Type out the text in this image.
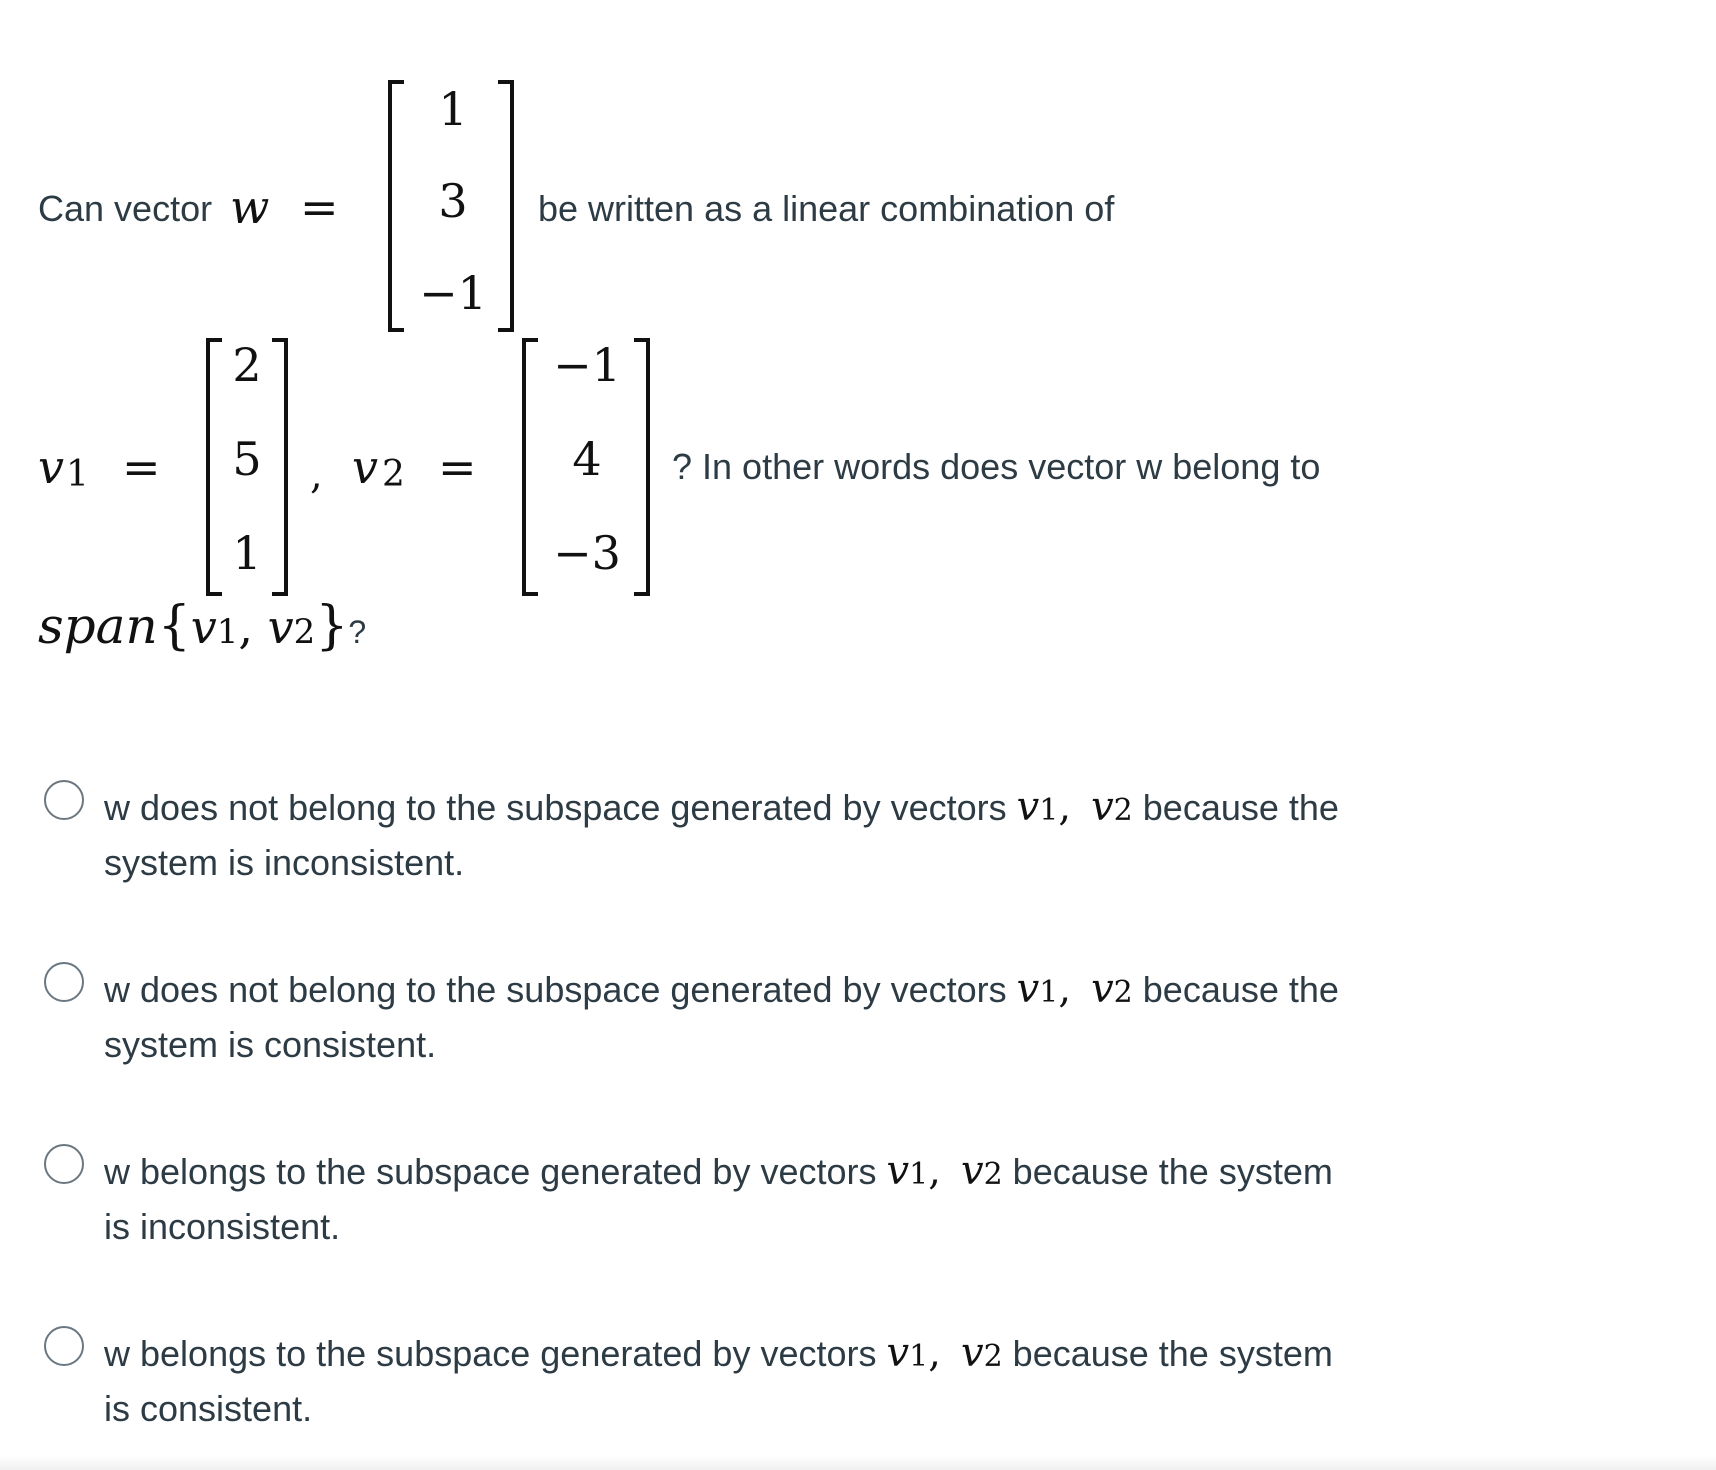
Can vector w =
1
3
−1
be written as a linear combination of
v 1 =
2
5
1
, v 2 =
−1
4
−3
? In other words does vector w belong to
span{v1, v2}?
w does not belong to the subspace generated by vectors v1, v2 because the
system is inconsistent.
w does not belong to the subspace generated by vectors v1, v2 because the
system is consistent.
w belongs to the subspace generated by vectors v1, v2 because the system
is inconsistent.
w belongs to the subspace generated by vectors v1, v2 because the system
is consistent.
